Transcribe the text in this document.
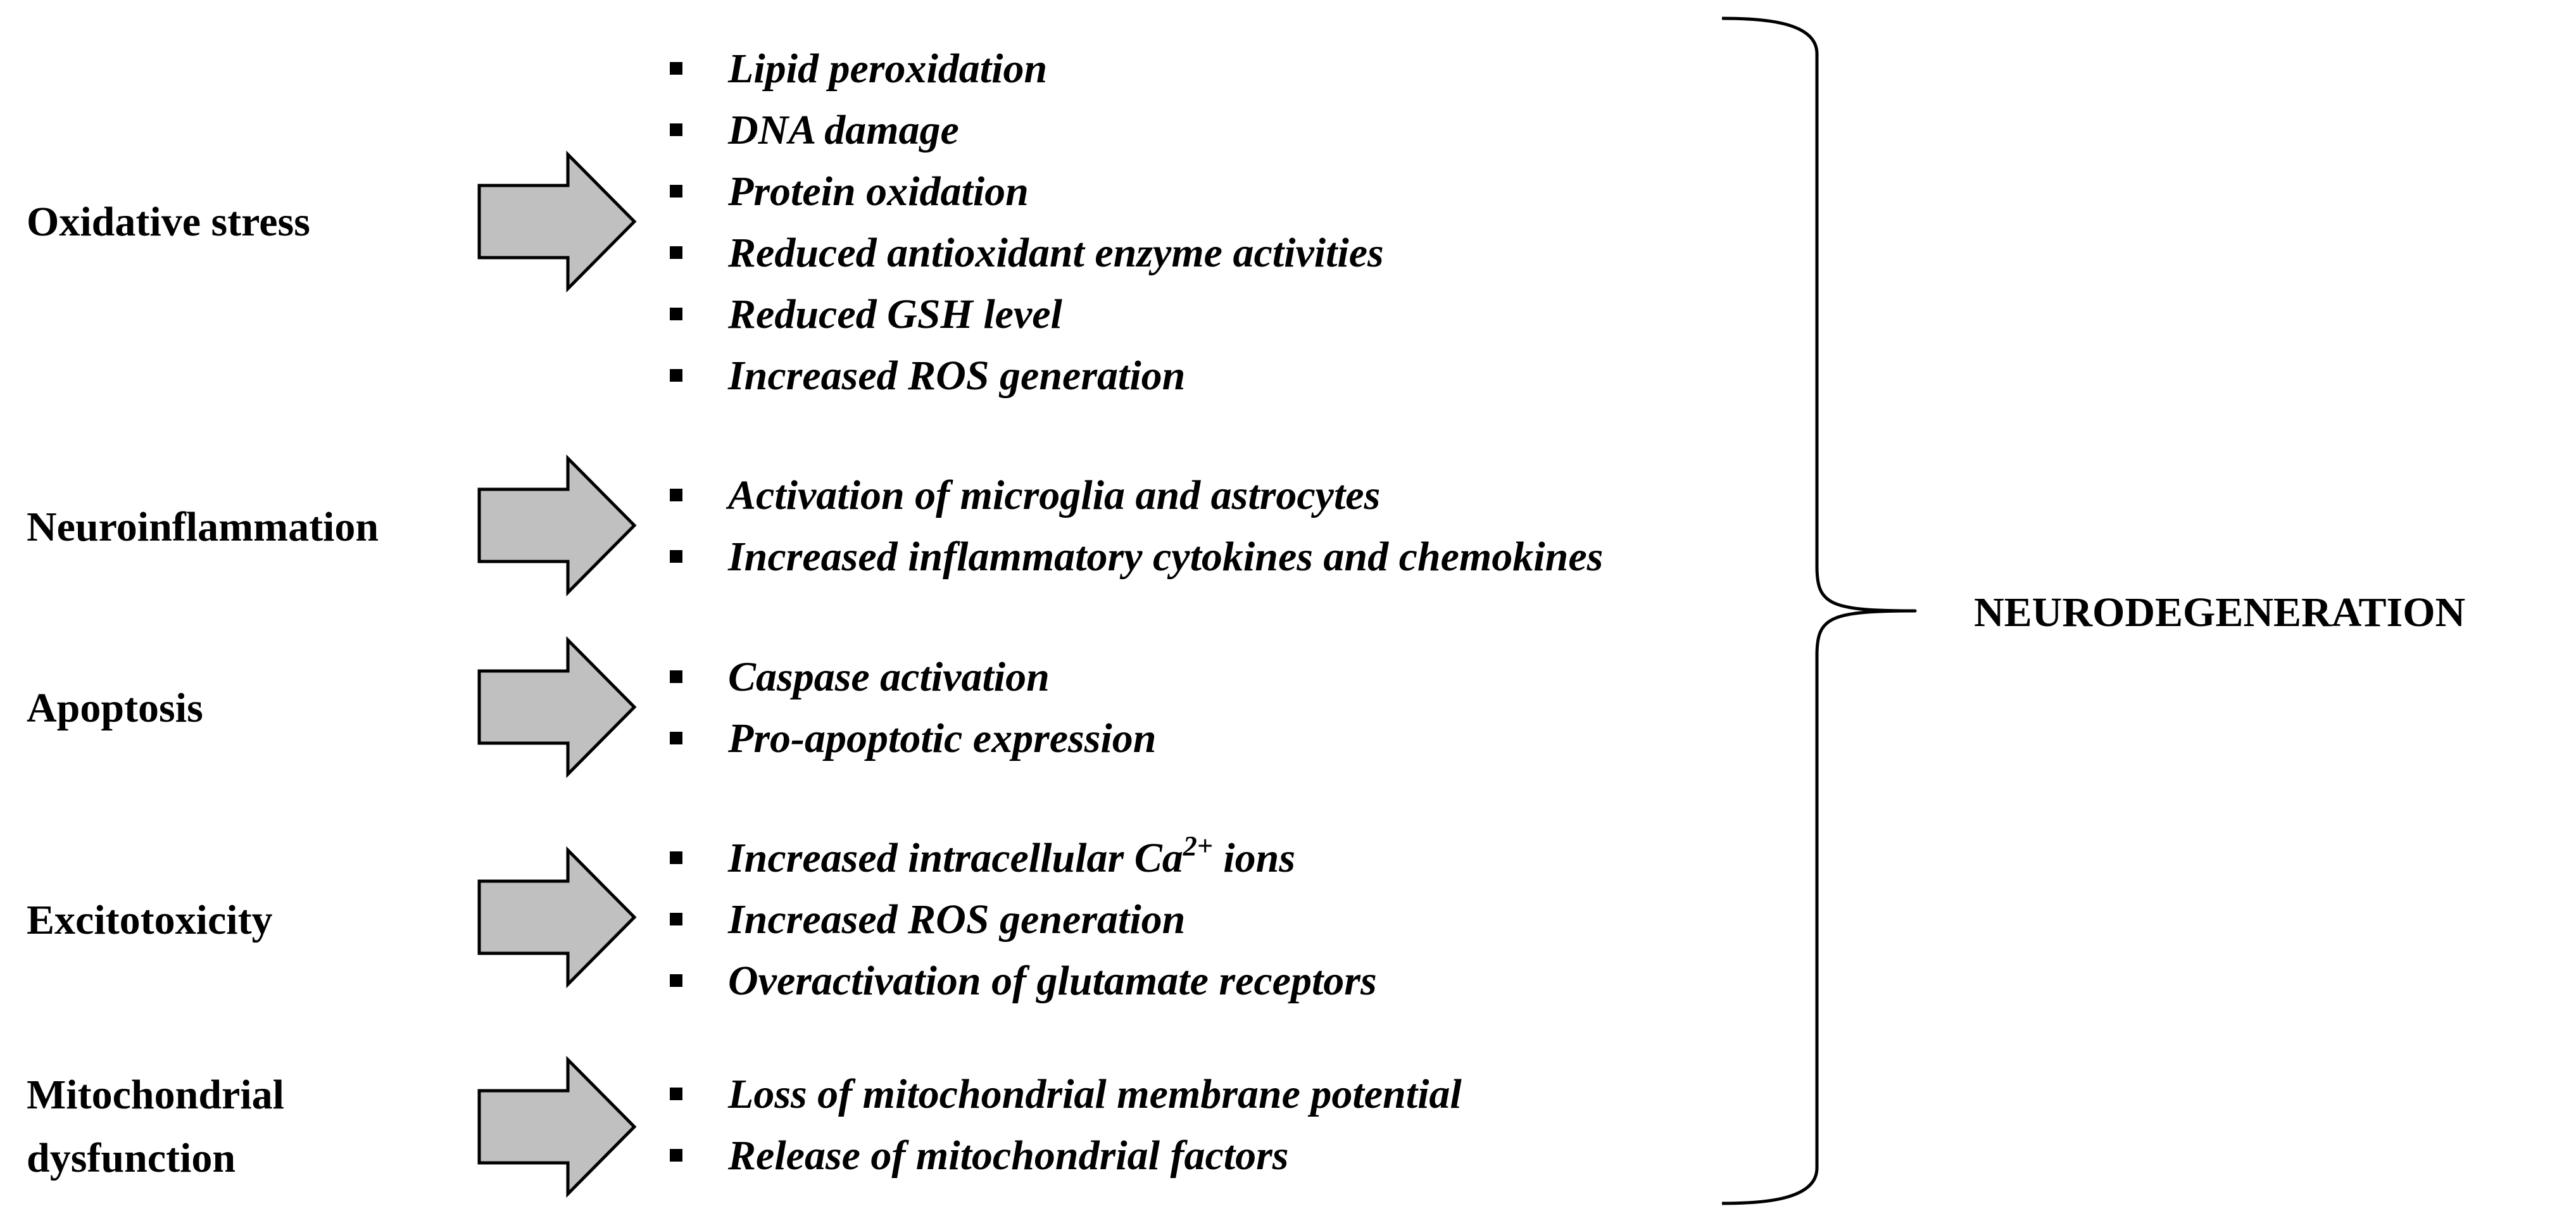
Oxidative stress
Lipid peroxidation
DNA damage
Protein oxidation
Reduced antioxidant enzyme activities
Reduced GSH level
Increased ROS generation
Neuroinflammation
Activation of microglia and astrocytes
Increased inflammatory cytokines and chemokines
Apoptosis
Caspase activation
Pro-apoptotic expression
Excitotoxicity
Increased intracellular $Ca^{2+}$ ions
Increased ROS generation
Overactivation of glutamate receptors
Mitochondrial
dysfunction
Loss of mitochondrial membrane potential
Release of mitochondrial factors
NEURODEGENERATION
